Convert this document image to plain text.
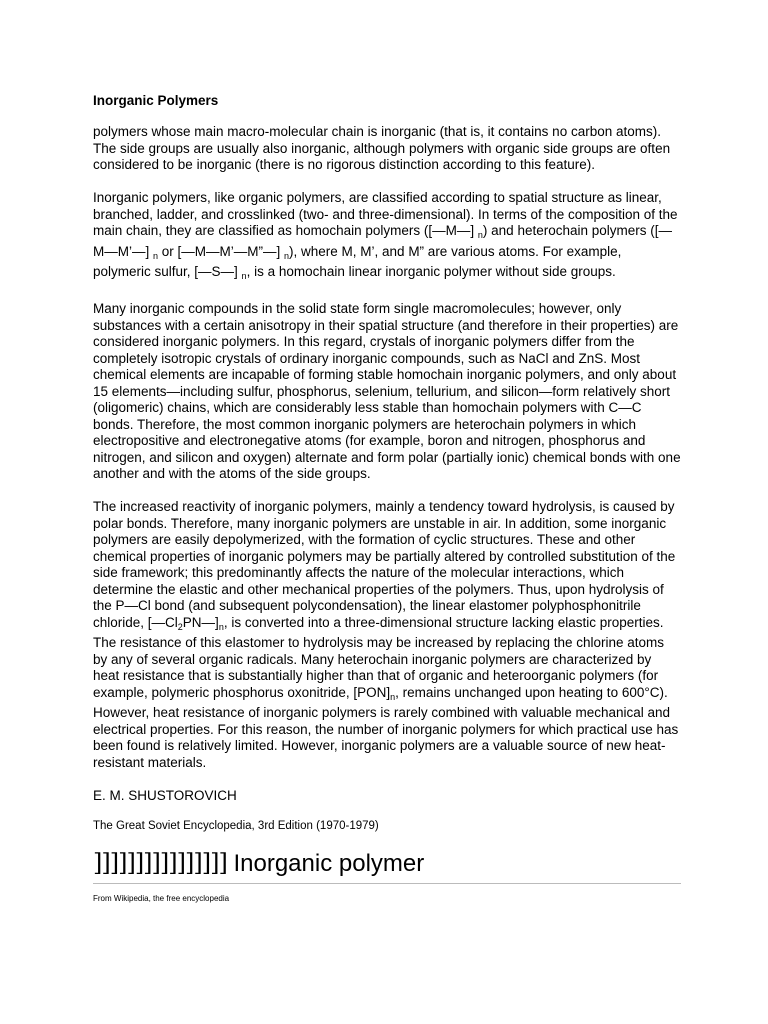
Inorganic Polymers

polymers whose main macro-molecular chain is inorganic (that is, it contains no carbon atoms). The side groups are usually also inorganic, although polymers with organic side groups are often considered to be inorganic (there is no rigorous distinction according to this feature).

Inorganic polymers, like organic polymers, are classified according to spatial structure as linear, branched, ladder, and crosslinked (two- and three-dimensional). In terms of the composition of the main chain, they are classified as homochain polymers ([—M—] $_n$) and heterochain polymers ([—M—M’—] $_n$ or [—M—M’—M”—] $_n$), where M, M’, and M” are various atoms. For example, polymeric sulfur, [—S—] $_n$, is a homochain linear inorganic polymer without side groups.

Many inorganic compounds in the solid state form single macromolecules; however, only substances with a certain anisotropy in their spatial structure (and therefore in their properties) are considered inorganic polymers. In this regard, crystals of inorganic polymers differ from the completely isotropic crystals of ordinary inorganic compounds, such as NaCl and ZnS. Most chemical elements are incapable of forming stable homochain inorganic polymers, and only about 15 elements—including sulfur, phosphorus, selenium, tellurium, and silicon—form relatively short (oligomeric) chains, which are considerably less stable than homochain polymers with C—C bonds. Therefore, the most common inorganic polymers are heterochain polymers in which electropositive and electronegative atoms (for example, boron and nitrogen, phosphorus and nitrogen, and silicon and oxygen) alternate and form polar (partially ionic) chemical bonds with one another and with the atoms of the side groups.

The increased reactivity of inorganic polymers, mainly a tendency toward hydrolysis, is caused by polar bonds. Therefore, many inorganic polymers are unstable in air. In addition, some inorganic polymers are easily depolymerized, with the formation of cyclic structures. These and other chemical properties of inorganic polymers may be partially altered by controlled substitution of the side framework; this predominantly affects the nature of the molecular interactions, which determine the elastic and other mechanical properties of the polymers. Thus, upon hydrolysis of the P—Cl bond (and subsequent polycondensation), the linear elastomer polyphosphonitrile chloride, $[—Cl_2PN—]_n$, is converted into a three-dimensional structure lacking elastic properties. The resistance of this elastomer to hydrolysis may be increased by replacing the chlorine atoms by any of several organic radicals. Many heterochain inorganic polymers are characterized by heat resistance that is substantially higher than that of organic and heteroorganic polymers (for example, polymeric phosphorus oxonitride, $[PON]_n$, remains unchanged upon heating to 600°C). However, heat resistance of inorganic polymers is rarely combined with valuable mechanical and electrical properties. For this reason, the number of inorganic polymers for which practical use has been found is relatively limited. However, inorganic polymers are a valuable source of new heat-resistant materials.

E. M. SHUSTOROVICH
The Great Soviet Encyclopedia, 3rd Edition (1970-1979)
]]]]]]]]]]]]]]]] Inorganic polymer
From Wikipedia, the free encyclopedia
